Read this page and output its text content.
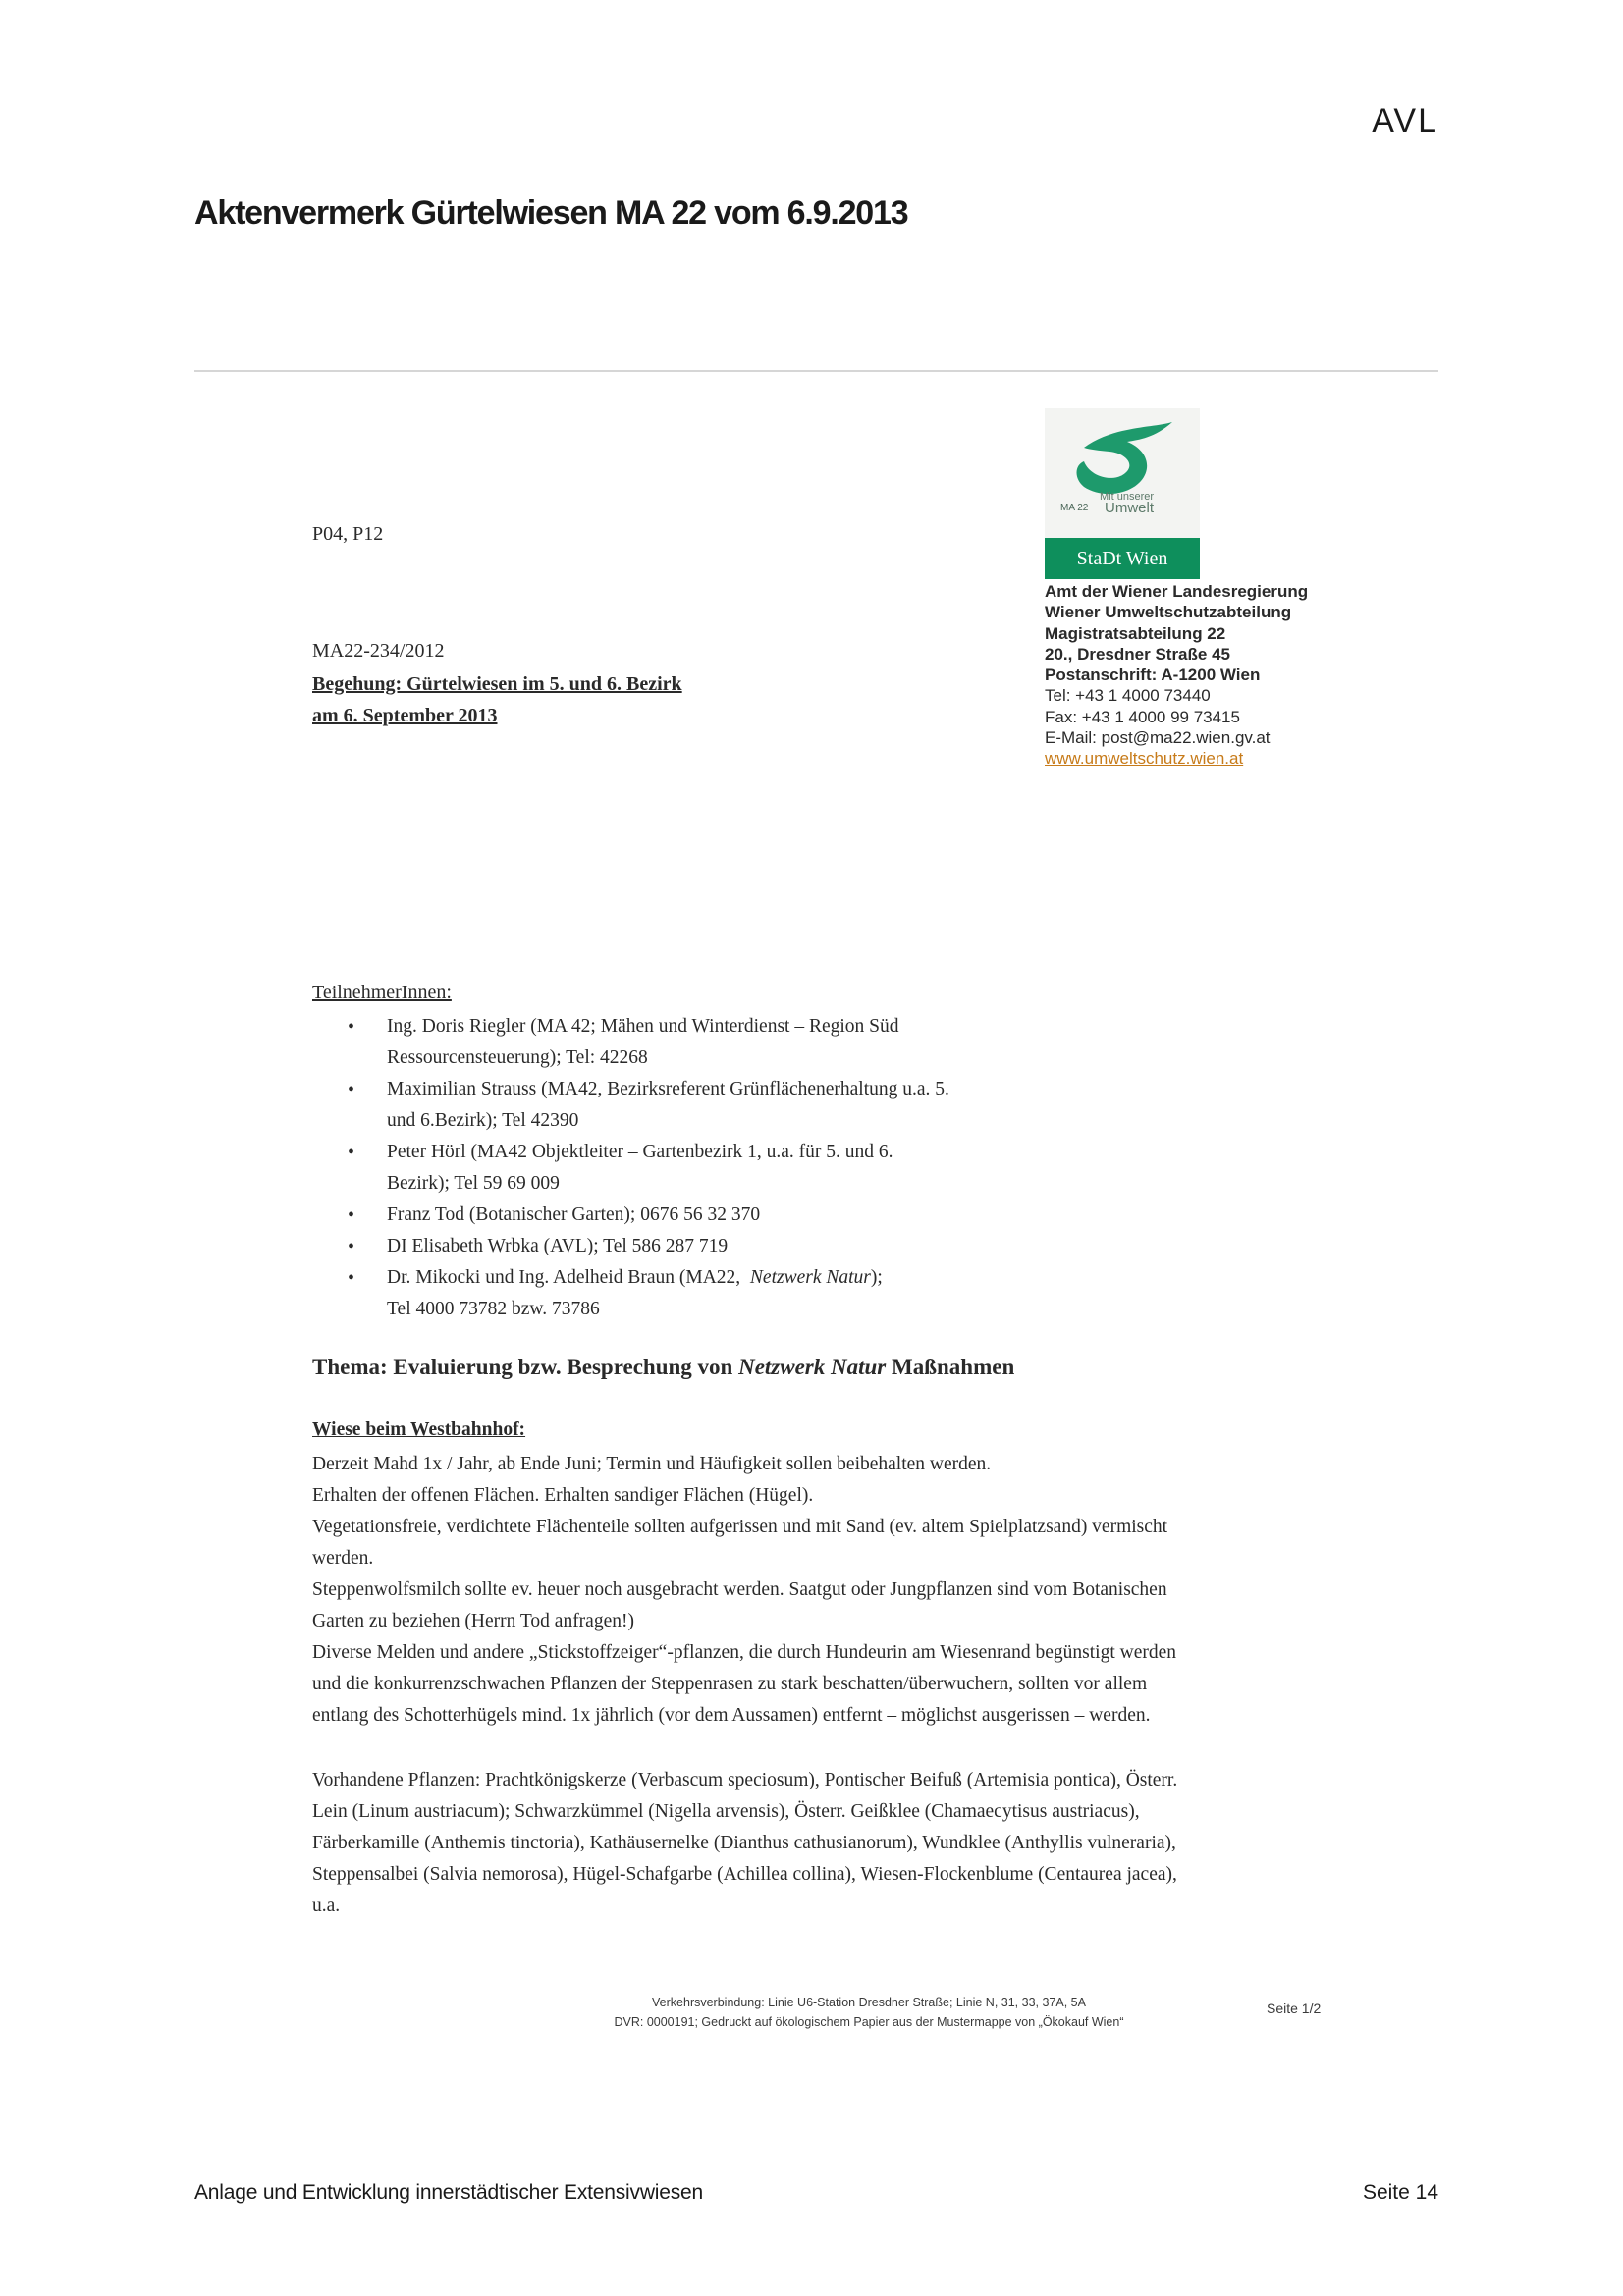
AVL
Aktenvermerk Gürtelwiesen MA 22 vom 6.9.2013
P04, P12
MA22-234/2012
Begehung: Gürtelwiesen im 5. und 6. Bezirk
am 6. September 2013
Mit unserer
Umwelt
MA 22
StaDt Wien
Amt der Wiener Landesregierung
Wiener Umweltschutzabteilung
Magistratsabteilung 22
20., Dresdner Straße 45
Postanschrift: A-1200 Wien
Tel: +43 1 4000 73440
Fax: +43 1 4000 99 73415
E-Mail: post@ma22.wien.gv.at
www.umweltschutz.wien.at
TeilnehmerInnen:
• Ing. Doris Riegler (MA 42; Mähen und Winterdienst – Region Süd
Ressourcensteuerung); Tel: 42268
• Maximilian Strauss (MA42, Bezirksreferent Grünflächenerhaltung u.a. 5.
und 6.Bezirk); Tel 42390
• Peter Hörl (MA42 Objektleiter – Gartenbezirk 1, u.a. für 5. und 6.
Bezirk); Tel 59 69 009
• Franz Tod (Botanischer Garten); 0676 56 32 370
• DI Elisabeth Wrbka (AVL); Tel 586 287 719
• Dr. Mikocki und Ing. Adelheid Braun (MA22, Netzwerk Natur);
Tel 4000 73782 bzw. 73786
Thema: Evaluierung bzw. Besprechung von Netzwerk Natur Maßnahmen
Wiese beim Westbahnhof:
Derzeit Mahd 1x / Jahr, ab Ende Juni; Termin und Häufigkeit sollen beibehalten werden.
Erhalten der offenen Flächen. Erhalten sandiger Flächen (Hügel).
Vegetationsfreie, verdichtete Flächenteile sollten aufgerissen und mit Sand (ev. altem Spielplatzsand) vermischt
werden.
Steppenwolfsmilch sollte ev. heuer noch ausgebracht werden. Saatgut oder Jungpflanzen sind vom Botanischen
Garten zu beziehen (Herrn Tod anfragen!)
Diverse Melden und andere „Stickstoffzeiger“-pflanzen, die durch Hundeurin am Wiesenrand begünstigt werden
und die konkurrenzschwachen Pflanzen der Steppenrasen zu stark beschatten/überwuchern, sollten vor allem
entlang des Schotterhügels mind. 1x jährlich (vor dem Aussamen) entfernt – möglichst ausgerissen – werden.
Vorhandene Pflanzen: Prachtkönigskerze (Verbascum speciosum), Pontischer Beifuß (Artemisia pontica), Österr.
Lein (Linum austriacum); Schwarzkümmel (Nigella arvensis), Österr. Geißklee (Chamaecytisus austriacus),
Färberkamille (Anthemis tinctoria), Kathäusernelke (Dianthus cathusianorum), Wundklee (Anthyllis vulneraria),
Steppensalbei (Salvia nemorosa), Hügel-Schafgarbe (Achillea collina), Wiesen-Flockenblume (Centaurea jacea),
u.a.
Verkehrsverbindung: Linie U6-Station Dresdner Straße; Linie N, 31, 33, 37A, 5A
DVR: 0000191; Gedruckt auf ökologischem Papier aus der Mustermappe von „Ökokauf Wien“
Seite 1/2
Anlage und Entwicklung innerstädtischer Extensivwiesen	Seite 14
